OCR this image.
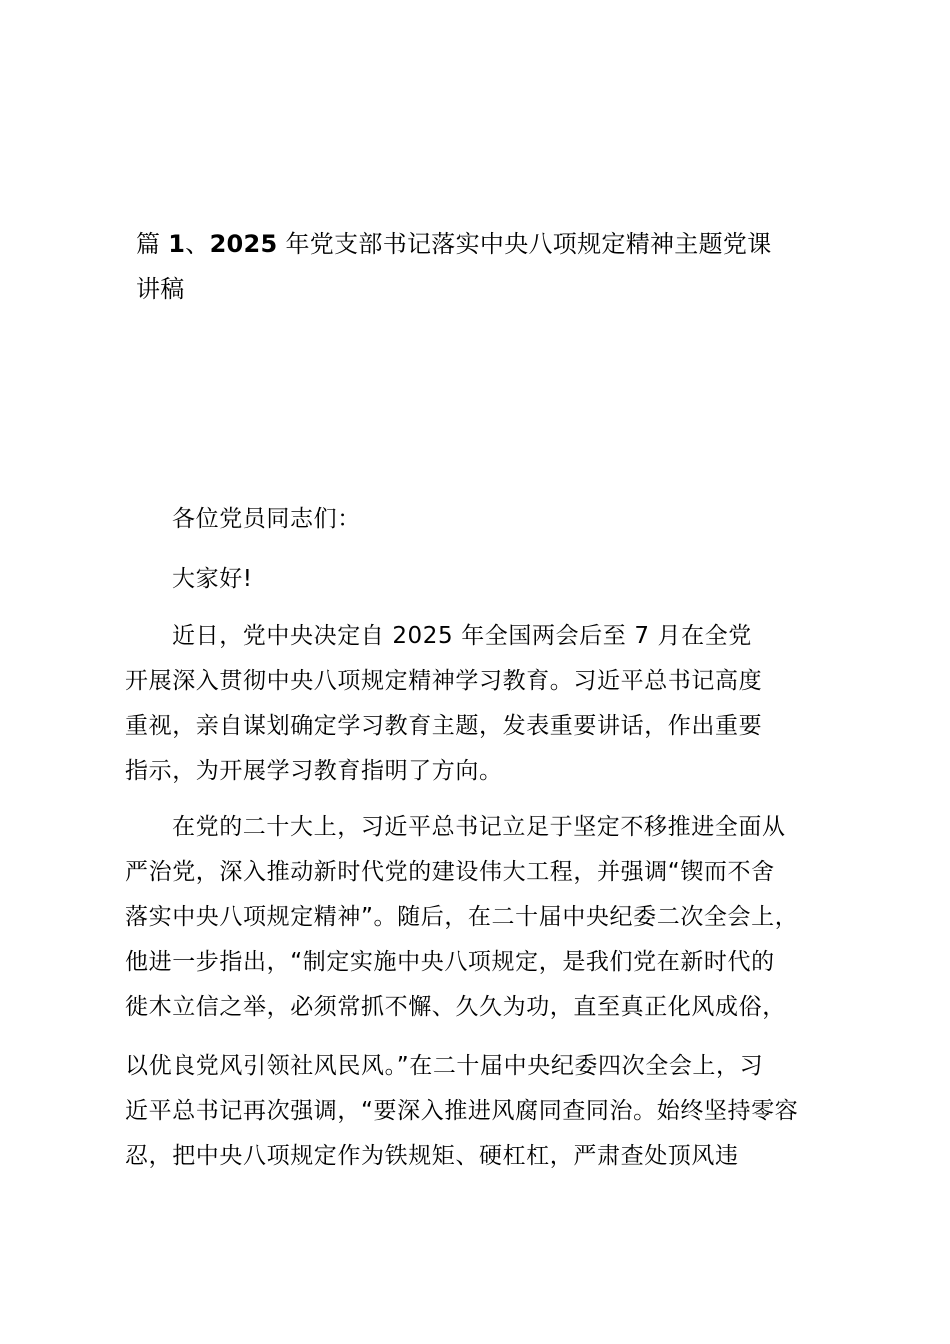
篇 1、2025 年党支部书记落实中央八项规定精神主题党课
讲稿
各位党员同志们：
大家好!
近日，党中央决定自 2025 年全国两会后至 7 月在全党
开展深入贯彻中央八项规定精神学习教育。习近平总书记高度
重视，亲自谋划确定学习教育主题，发表重要讲话，作出重要
指示，为开展学习教育指明了方向。
在党的二十大上，习近平总书记立足于坚定不移推进全面从
严治党，深入推动新时代党的建设伟大工程，并强调“锲而不舍
落实中央八项规定精神”。随后，在二十届中央纪委二次全会上，
他进一步指出，“制定实施中央八项规定，是我们党在新时代的
徙木立信之举，必须常抓不懈、久久为功，直至真正化风成俗，
以优良党风引领社风民风。”在二十届中央纪委四次全会上，习
近平总书记再次强调，“要深入推进风腐同查同治。始终坚持零容
忍，把中央八项规定作为铁规矩、硬杠杠，严肃查处顶风违
